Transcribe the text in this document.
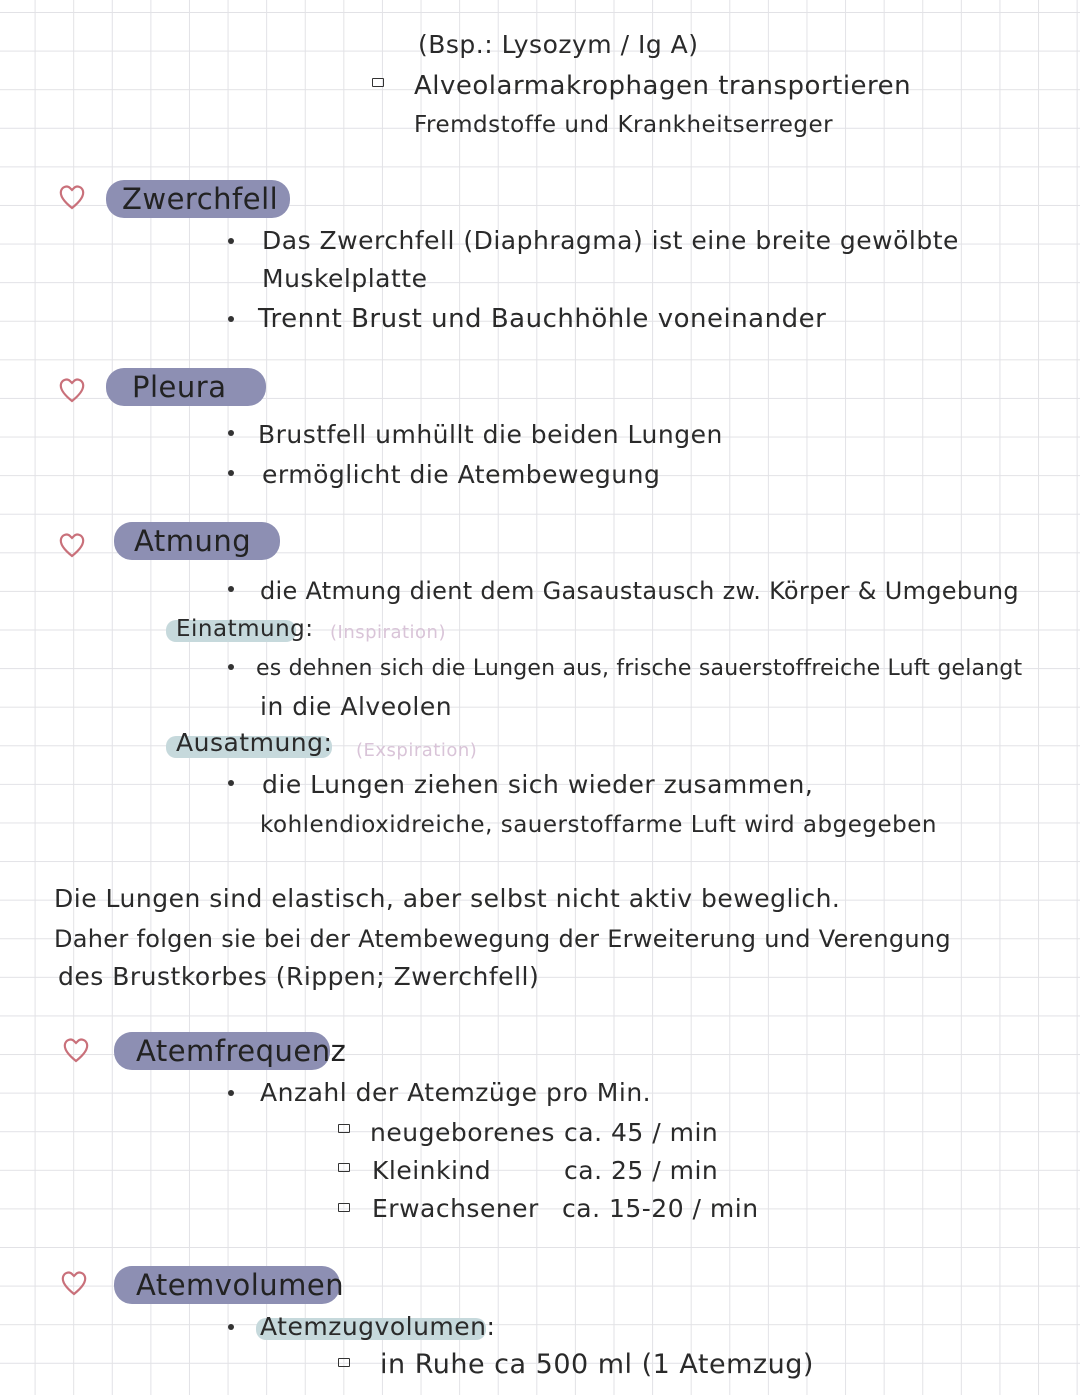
(Bsp.: Lysozym / Ig A)
Alveolarmakrophagen transportieren
Fremdstoffe und Krankheitserreger
Zwerchfell
Das Zwerchfell (Diaphragma) ist eine breite gewölbte
Muskelplatte
Trennt Brust und Bauchhöhle voneinander
Pleura
Brustfell umhüllt die beiden Lungen
ermöglicht die Atembewegung
Atmung
die Atmung dient dem Gasaustausch zw. Körper & Umgebung
Einatmung: (Inspiration)
es dehnen sich die Lungen aus, frische sauerstoffreiche Luft gelangt
in die Alveolen
Ausatmung: (Exspiration)
die Lungen ziehen sich wieder zusammen,
kohlendioxidreiche, sauerstoffarme Luft wird abgegeben
Die Lungen sind elastisch, aber selbst nicht aktiv beweglich.
Daher folgen sie bei der Atembewegung der Erweiterung und Verengung
des Brustkorbes (Rippen; Zwerchfell)
Atemfrequenz
Anzahl der Atemzüge pro Min.
neugeborenes ca. 45 / min
Kleinkind	ca. 25 / min
Erwachsener ca. 15-20 / min
Atemvolumen
Atemzugvolumen:
in Ruhe ca 500 ml (1 Atemzug)
